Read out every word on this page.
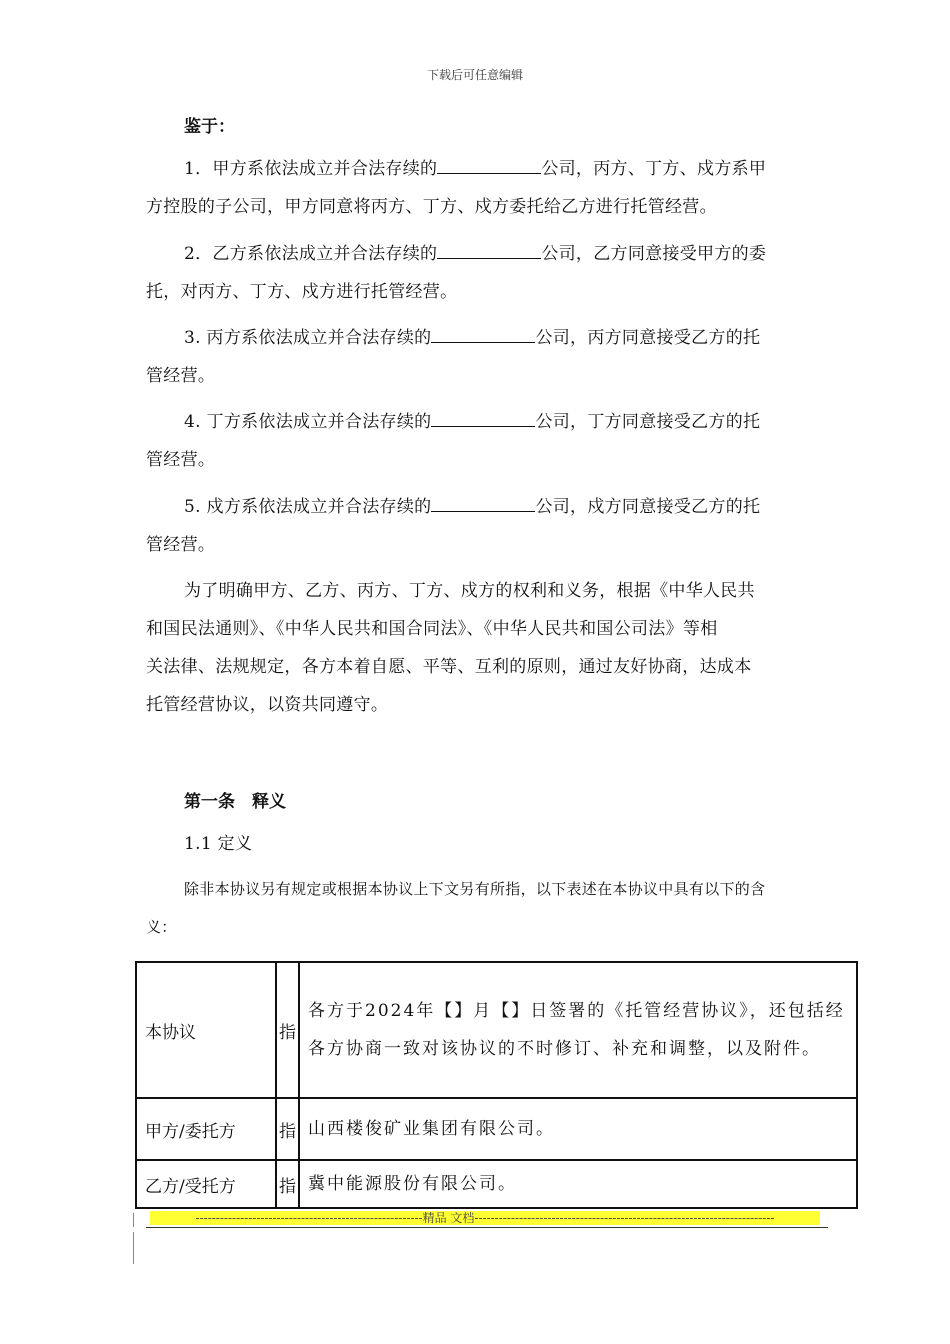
下载后可任意编辑
鉴于：
1．甲方系依法成立并合法存续的	公司，丙方、丁方、戍方系甲
方控股的子公司，甲方同意将丙方、丁方、戍方委托给乙方进行托管经营。
2．乙方系依法成立并合法存续的	公司，乙方同意接受甲方的委
托，对丙方、丁方、戍方进行托管经营。
3. 丙方系依法成立并合法存续的	公司，丙方同意接受乙方的托
管经营。
4. 丁方系依法成立并合法存续的	公司，丁方同意接受乙方的托
管经营。
5. 戍方系依法成立并合法存续的	公司，戍方同意接受乙方的托
管经营。
为了明确甲方、乙方、丙方、丁方、戍方的权利和义务，根据《中华人民共
和国民法通则》、《中华人民共和国合同法》、《中华人民共和国公司法》等相
关法律、法规规定，各方本着自愿、平等、互利的原则，通过友好协商，达成本
托管经营协议，以资共同遵守。
第一条　释义
1.1 定义
除非本协议另有规定或根据本协议上下文另有所指，以下表述在本协议中具有以下的含
义：
本协议	指	各方于2024年【】月【】日签署的《托管经营协议》，还包括经各方协商一致对该协议的不时修订、补充和调整，以及附件。
甲方/委托方	指	山西楼俊矿业集团有限公司。
乙方/受托方	指	冀中能源股份有限公司。
--------------------------------------------------------精品 文档--------------------------------------------------------------------------
